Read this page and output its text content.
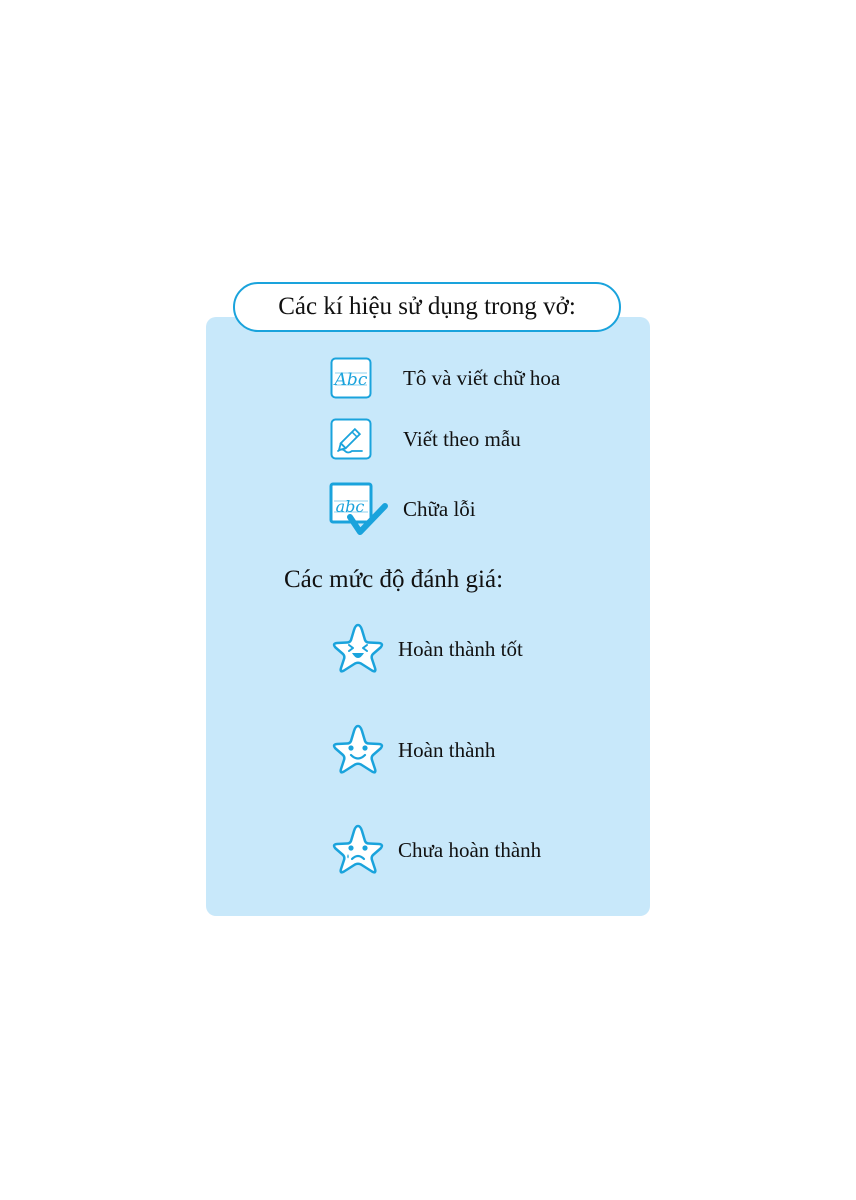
Các kí hiệu sử dụng trong vở:
Abc Tô và viết chữ hoa
Viết theo mẫu
abc Chữa lỗi
Các mức độ đánh giá:
Hoàn thành tốt
Hoàn thành
Chưa hoàn thành
